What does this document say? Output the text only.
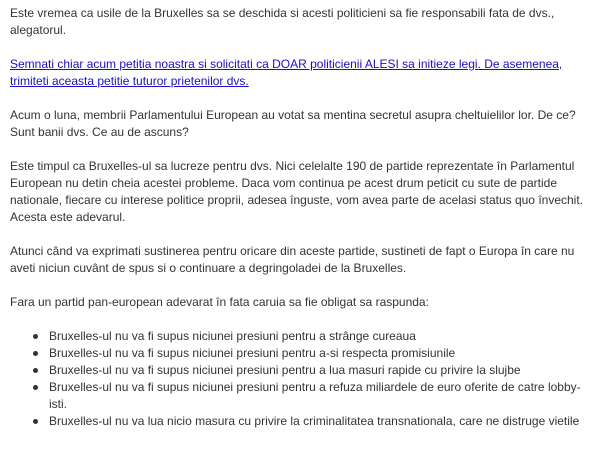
Este vremea ca usile de la Bruxelles sa se deschida si acesti politicieni sa fie responsabili fata de dvs., alegatorul.

Semnati chiar acum petitia noastra si solicitati ca DOAR politicienii ALESI sa initieze legi. De asemenea, trimiteti aceasta petitie tuturor prietenilor dvs.

Acum o luna, membrii Parlamentului European au votat sa mentina secretul asupra cheltuielilor lor. De ce? Sunt banii dvs. Ce au de ascuns?

Este timpul ca Bruxelles-ul sa lucreze pentru dvs. Nici celelalte 190 de partide reprezentate în Parlamentul European nu detin cheia acestei probleme. Daca vom continua pe acest drum peticit cu sute de partide nationale, fiecare cu interese politice proprii, adesea înguste, vom avea parte de acelasi status quo învechit. Acesta este adevarul.

Atunci când va exprimati sustinerea pentru oricare din aceste partide, sustineti de fapt o Europa în care nu aveti niciun cuvânt de spus si o continuare a degringoladei de la Bruxelles.

Fara un partid pan-european adevarat în fata caruia sa fie obligat sa raspunda:

Bruxelles-ul nu va fi supus niciunei presiuni pentru a strânge cureaua
Bruxelles-ul nu va fi supus niciunei presiuni pentru a-si respecta promisiunile
Bruxelles-ul nu va fi supus niciunei presiuni pentru a lua masuri rapide cu privire la slujbe
Bruxelles-ul nu va fi supus niciunei presiuni pentru a refuza miliardele de euro oferite de catre lobby-isti.
Bruxelles-ul nu va lua nicio masura cu privire la criminalitatea transnationala, care ne distruge vietile
